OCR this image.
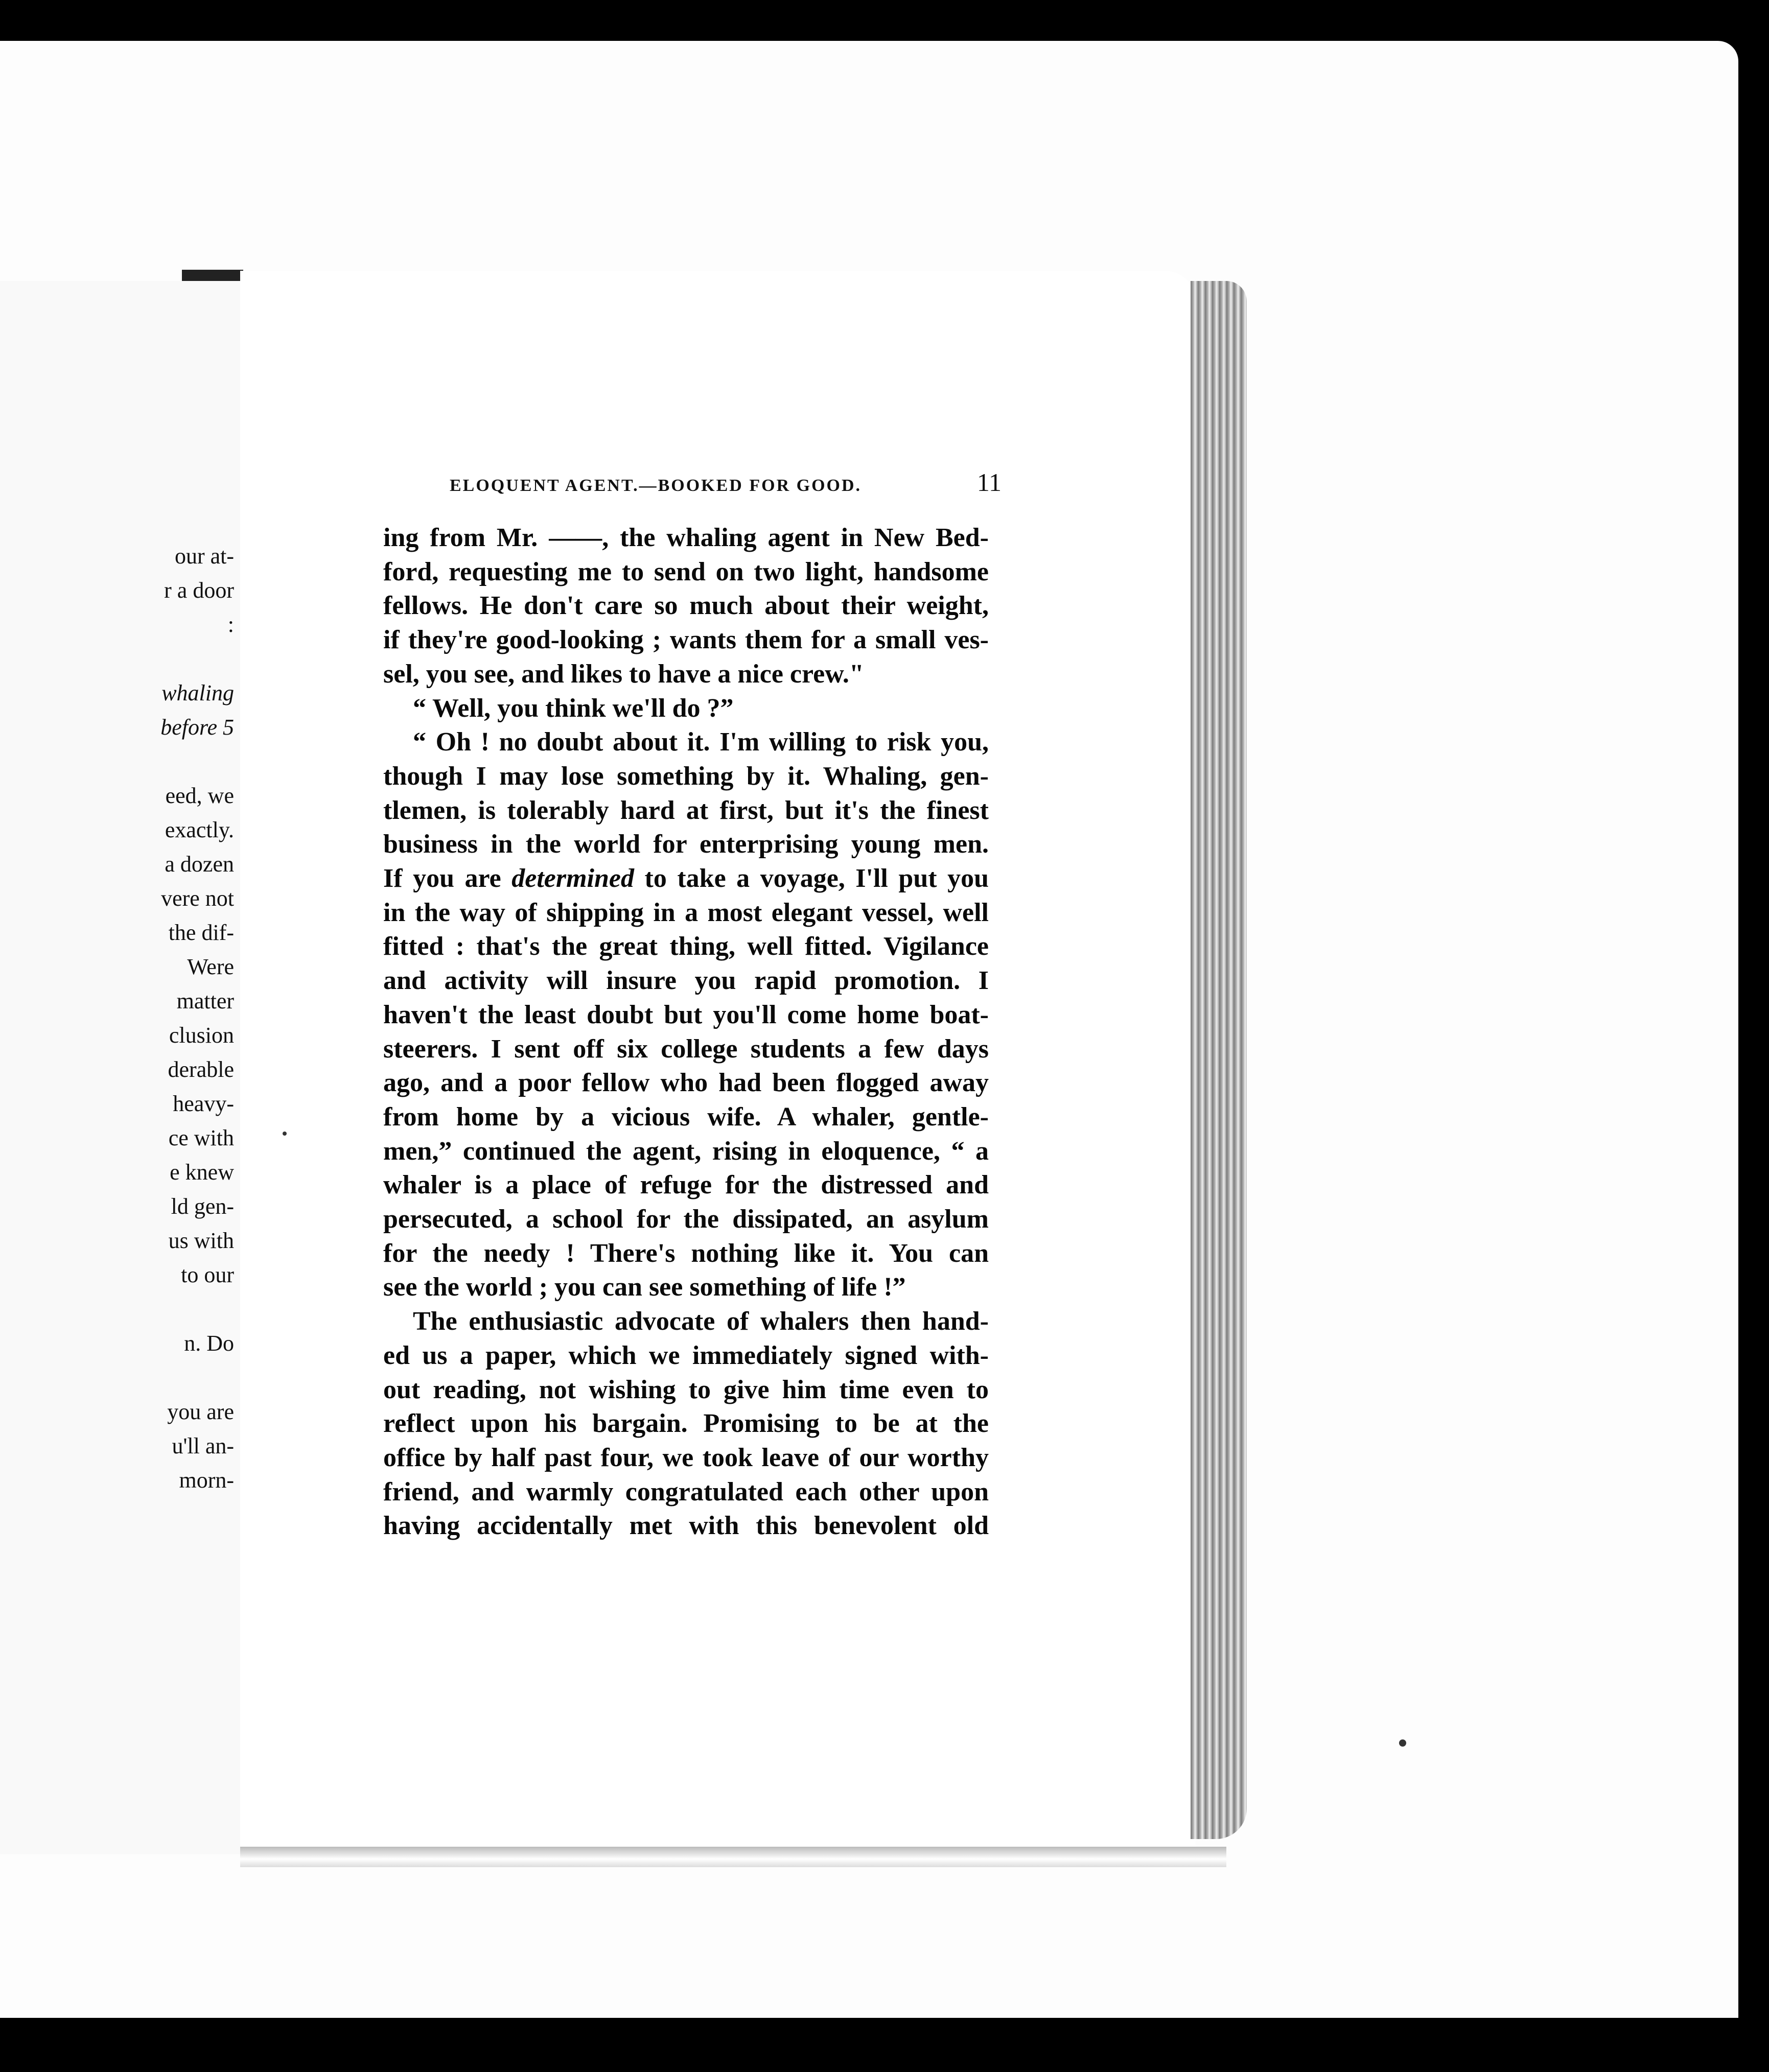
our at-
r a door
:
whaling
before 5
eed, we
exactly.
a dozen
vere not
the dif-
Were
matter
clusion
derable
heavy-
ce with
e knew
ld gen-
us with
to our
n. Do
you are
u'll an-
morn-
ELOQUENT AGENT.—BOOKED FOR GOOD.	11
ing from Mr. ——, the whaling agent in New Bed-
ford, requesting me to send on two light, handsome
fellows. He don't care so much about their weight,
if they're good-looking ; wants them for a small ves-
sel, you see, and likes to have a nice crew."
“ Well, you think we'll do ?”
“ Oh ! no doubt about it. I'm willing to risk you,
though I may lose something by it. Whaling, gen-
tlemen, is tolerably hard at first, but it's the finest
business in the world for enterprising young men.
If you are determined to take a voyage, I'll put you
in the way of shipping in a most elegant vessel, well
fitted : that's the great thing, well fitted. Vigilance
and activity will insure you rapid promotion. I
haven't the least doubt but you'll come home boat-
steerers. I sent off six college students a few days
ago, and a poor fellow who had been flogged away
from home by a vicious wife. A whaler, gentle-
men,” continued the agent, rising in eloquence, “ a
whaler is a place of refuge for the distressed and
persecuted, a school for the dissipated, an asylum
for the needy ! There's nothing like it. You can
see the world ; you can see something of life !”
The enthusiastic advocate of whalers then hand-
ed us a paper, which we immediately signed with-
out reading, not wishing to give him time even to
reflect upon his bargain. Promising to be at the
office by half past four, we took leave of our worthy
friend, and warmly congratulated each other upon
having accidentally met with this benevolent old
